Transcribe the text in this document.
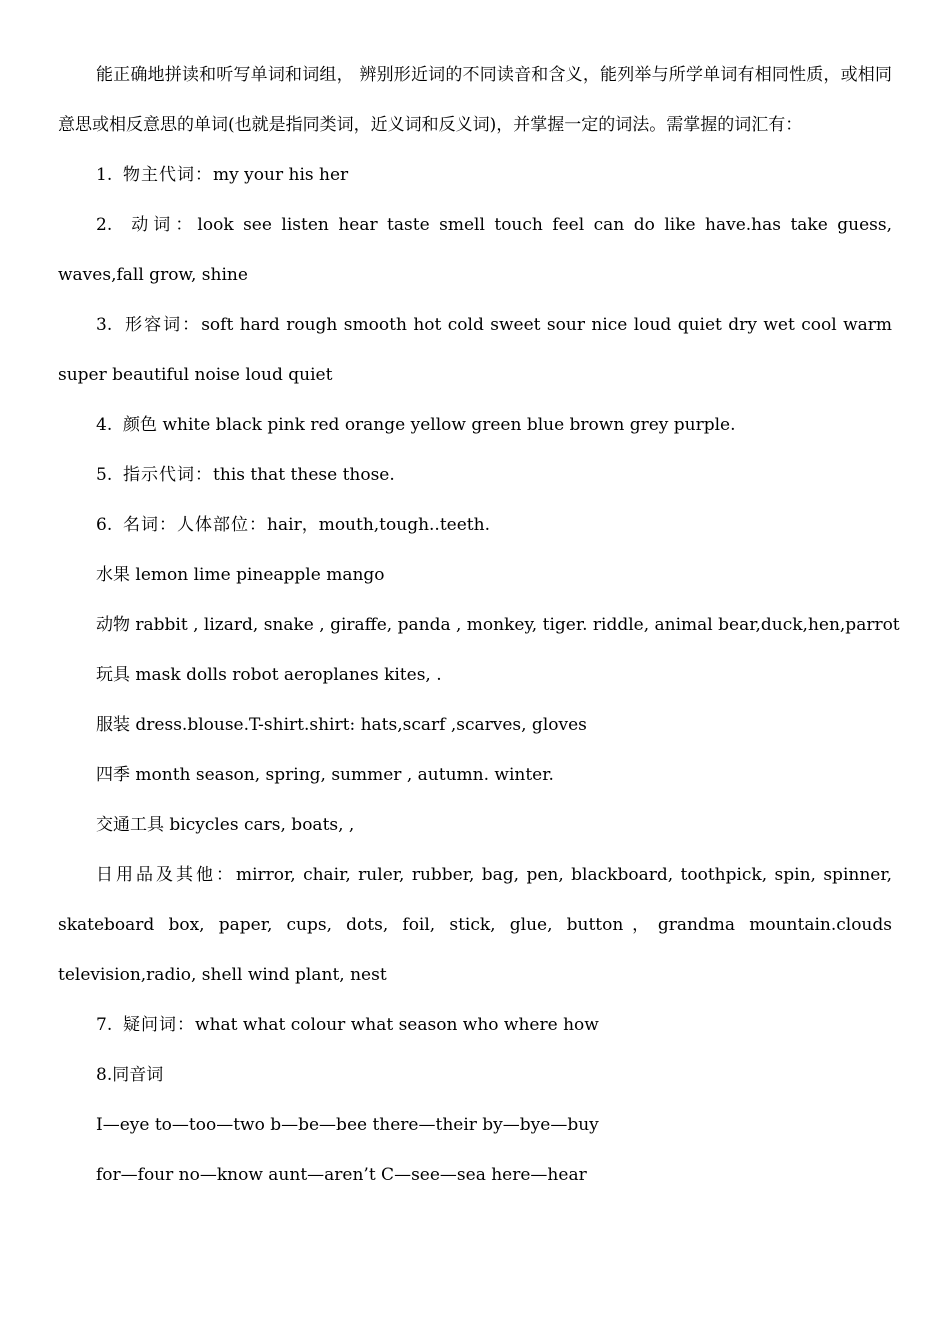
能正确地拼读和听写单词和词组， 辨别形近词的不同读音和含义，能列举与所学单词有相同性质，或相同意思或相反意思的单词(也就是指同类词，近义词和反义词)，并掌握一定的词法。需掌握的词汇有：

1. 物主代词：my your his her

2. 动词：look see listen hear taste smell touch feel can do like have.has take guess, waves,fall grow, shine

3. 形容词：soft hard rough smooth hot cold sweet sour nice loud quiet dry wet cool warm super beautiful noise loud quiet

4. 颜色 white black pink red orange yellow green blue brown grey purple.

5. 指示代词：this that these those.

6. 名词：人体部位：hair，mouth,tough..teeth.

水果 lemon lime pineapple mango

动物 rabbit , lizard, snake , giraffe, panda , monkey, tiger. riddle, animal bear,duck,hen,parrot

玩具 mask dolls robot aeroplanes kites, .

服装 dress.blouse.T-shirt.shirt: hats,scarf ,scarves, gloves

四季 month season, spring, summer , autumn. winter.

交通工具 bicycles cars, boats, ,

日用品及其他：mirror, chair, ruler, rubber, bag, pen, blackboard, toothpick, spin, spinner, skateboard box, paper, cups, dots, foil, stick, glue, button，grandma mountain.clouds television,radio, shell wind plant, nest

7. 疑问词：what what colour what season who where how

8.同音词

I—eye to—too—two b—be—bee there—their by—bye—buy

for—four no—know aunt—aren’t C—see—sea here—hear
